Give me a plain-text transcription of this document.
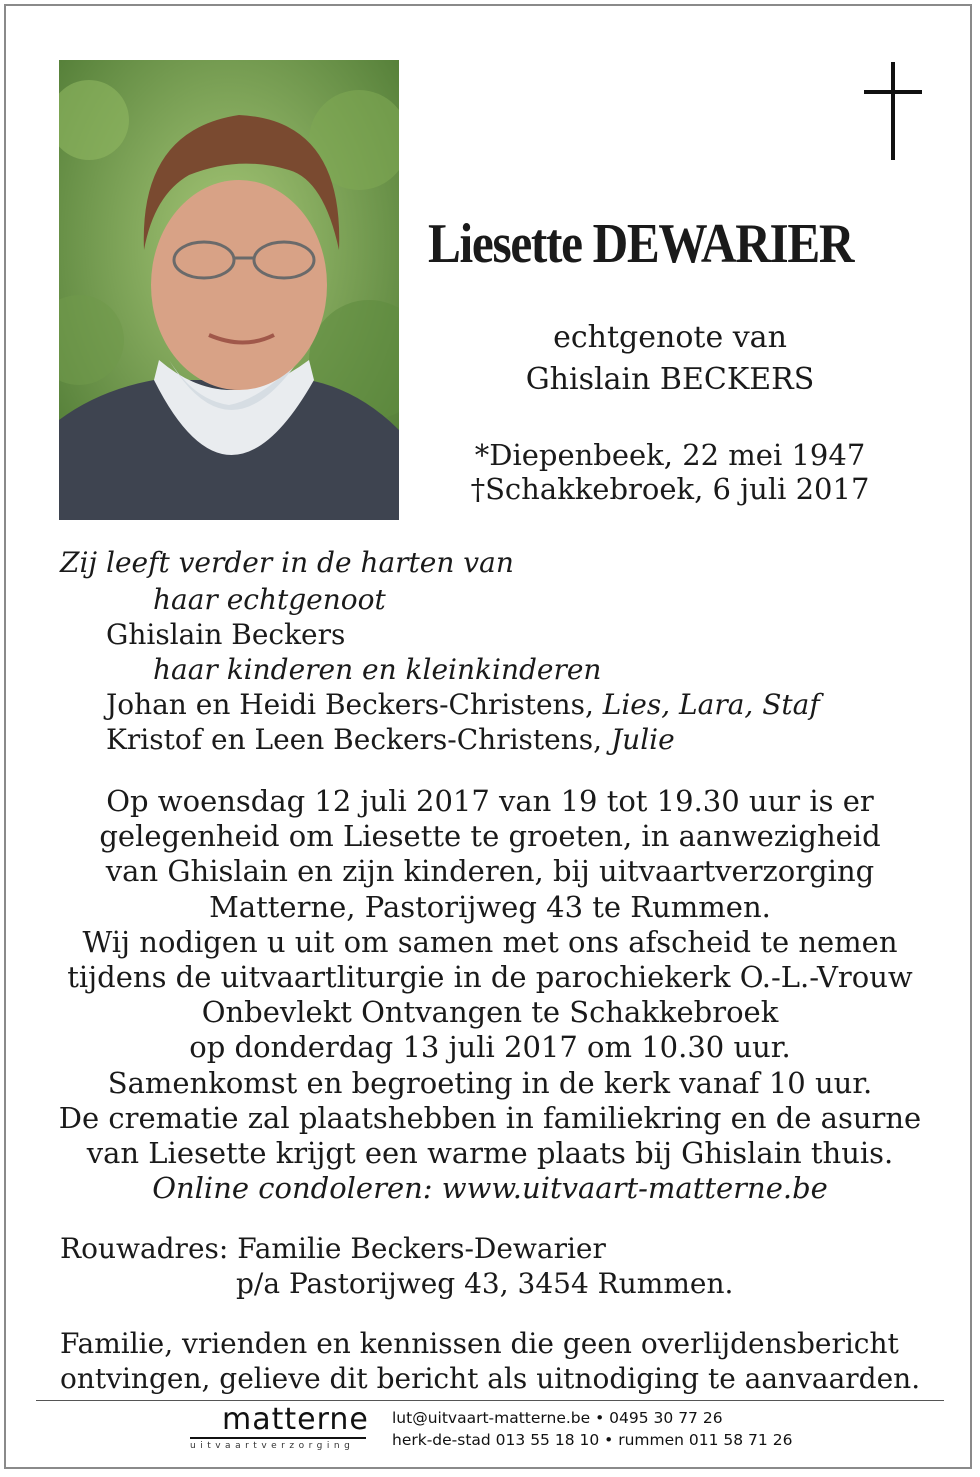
Liesette DEWARIER
echtgenote van
Ghislain BECKERS
*Diepenbeek, 22 mei 1947
†Schakkebroek, 6 juli 2017
Zij leeft verder in de harten van
haar echtgenoot
Ghislain Beckers
haar kinderen en kleinkinderen
Johan en Heidi Beckers-Christens, Lies, Lara, Staf
Kristof en Leen Beckers-Christens, Julie
Op woensdag 12 juli 2017 van 19 tot 19.30 uur is er
gelegenheid om Liesette te groeten, in aanwezigheid
van Ghislain en zijn kinderen, bij uitvaartverzorging
Matterne, Pastorijweg 43 te Rummen.
Wij nodigen u uit om samen met ons afscheid te nemen
tijdens de uitvaartliturgie in de parochiekerk O.-L.-Vrouw
Onbevlekt Ontvangen te Schakkebroek
op donderdag 13 juli 2017 om 10.30 uur.
Samenkomst en begroeting in de kerk vanaf 10 uur.
De crematie zal plaatshebben in familiekring en de asurne
van Liesette krijgt een warme plaats bij Ghislain thuis.
Online condoleren: www.uitvaart-matterne.be
Rouwadres: Familie Beckers-Dewarier
p/a Pastorijweg 43, 3454 Rummen.
Familie, vrienden en kennissen die geen overlijdensbericht
ontvingen, gelieve dit bericht als uitnodiging te aanvaarden.
matterne
uitvaartverzorging
lut@uitvaart-matterne.be • 0495 30 77 26
herk-de-stad 013 55 18 10 • rummen 011 58 71 26
